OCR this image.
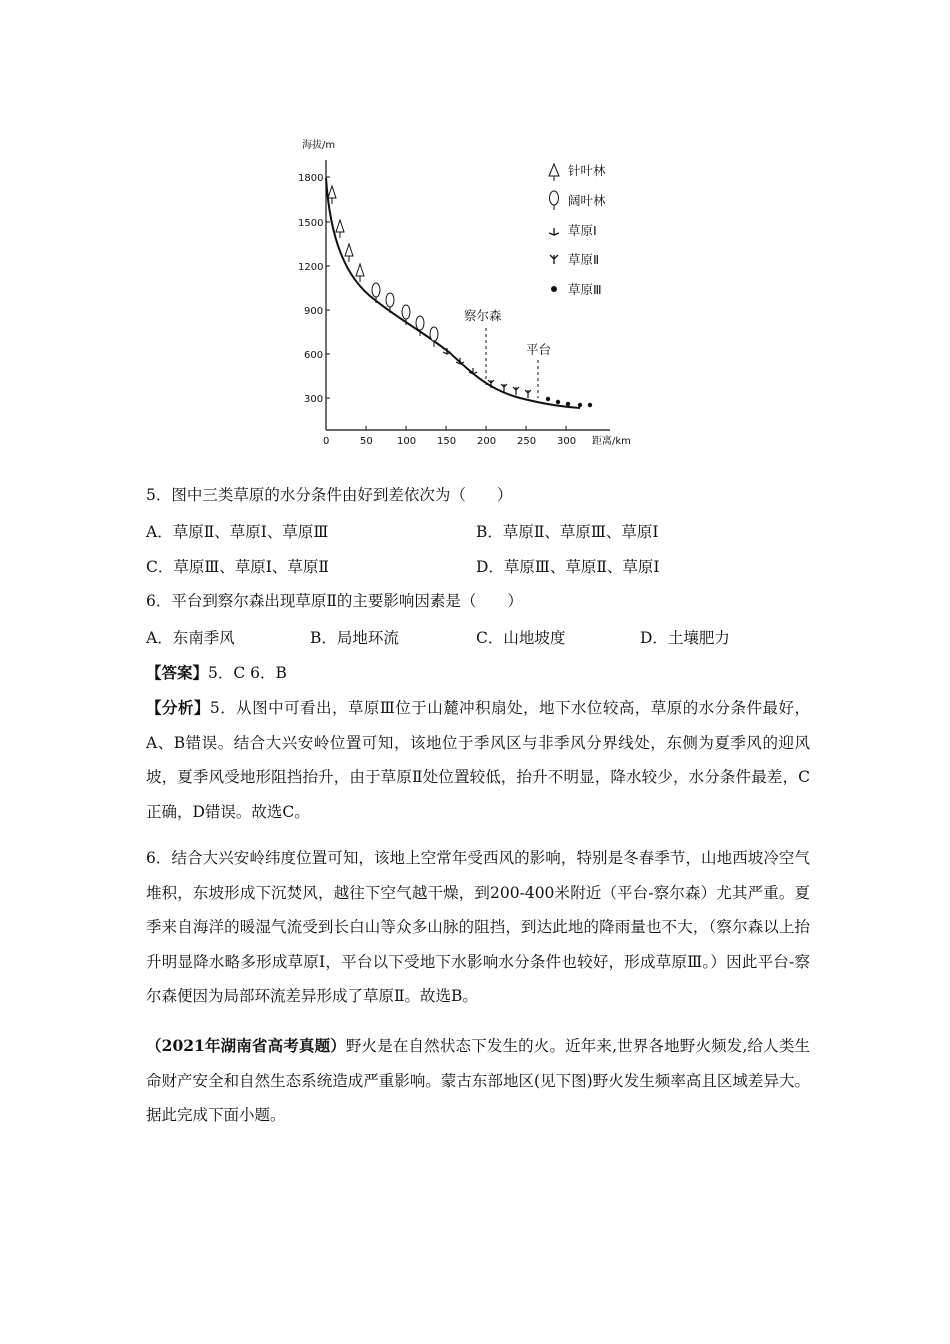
海拔/m
距离/km
1800
1500
1200
900
600
300
0	50 100 150 200 250 300
察尔森
平台
针叶林
阔叶林
草原Ⅰ
草原Ⅱ
草原Ⅲ
5．图中三类草原的水分条件由好到差依次为（　　）
A．草原Ⅱ、草原Ⅰ、草原Ⅲ	B．草原Ⅱ、草原Ⅲ、草原Ⅰ
C．草原Ⅲ、草原Ⅰ、草原Ⅱ	D．草原Ⅲ、草原Ⅱ、草原Ⅰ
6．平台到察尔森出现草原Ⅱ的主要影响因素是（　　）
A．东南季风	B．局地环流	C．山地坡度	D．土壤肥力
【答案】5．C 6．B
【分析】5．从图中可看出，草原Ⅲ位于山麓冲积扇处，地下水位较高，草原的水分条件最好，A、B错误。结合大兴安岭位置可知，该地位于季风区与非季风分界线处，东侧为夏季风的迎风坡，夏季风受地形阻挡抬升，由于草原Ⅱ处位置较低，抬升不明显，降水较少，水分条件最差，C正确，D错误。故选C。
6．结合大兴安岭纬度位置可知，该地上空常年受西风的影响，特别是冬春季节，山地西坡冷空气堆积，东坡形成下沉焚风，越往下空气越干燥，到200-400米附近（平台-察尔森）尤其严重。夏季来自海洋的暖湿气流受到长白山等众多山脉的阻挡，到达此地的降雨量也不大，（察尔森以上抬升明显降水略多形成草原Ⅰ，平台以下受地下水影响水分条件也较好，形成草原Ⅲ。）因此平台-察尔森便因为局部环流差异形成了草原Ⅱ。故选B。
（2021年湖南省高考真题）野火是在自然状态下发生的火。近年来,世界各地野火频发,给人类生命财产安全和自然生态系统造成严重影响。蒙古东部地区(见下图)野火发生频率高且区域差异大。据此完成下面小题。
